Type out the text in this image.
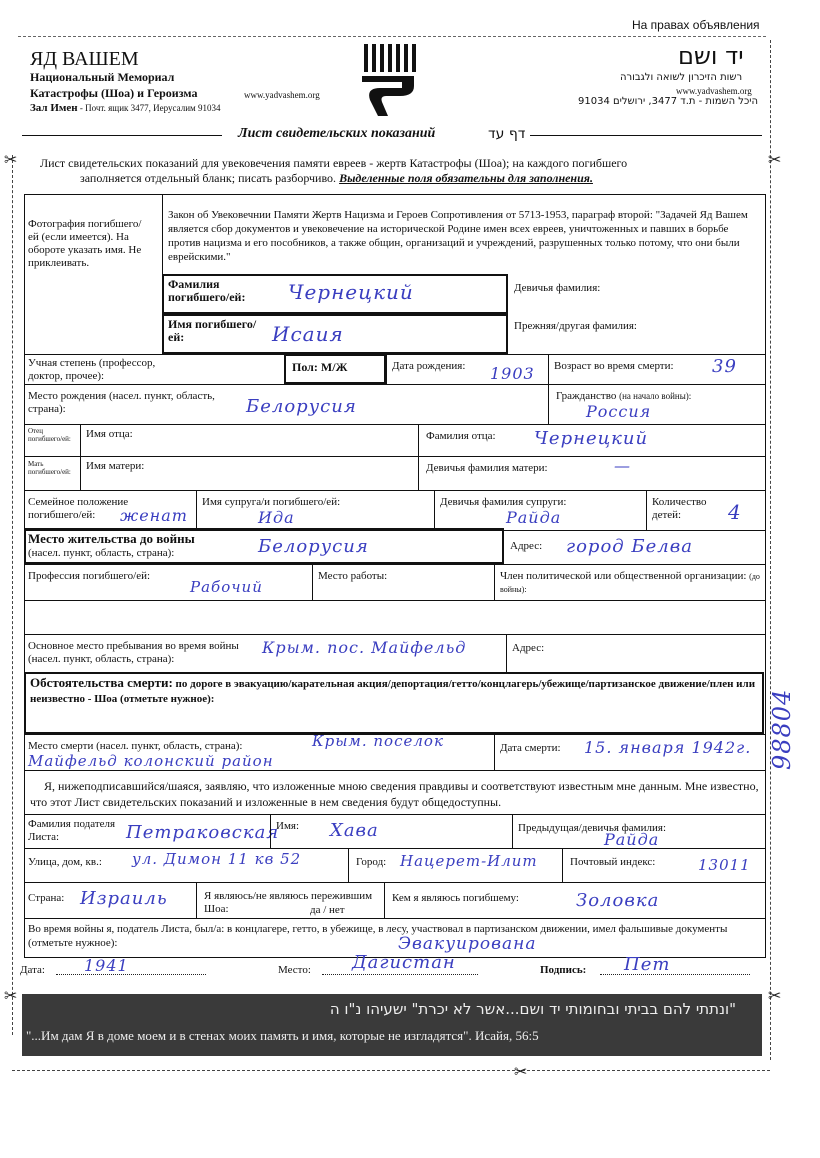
На правах объявления
ЯД ВАШЕМ
Национальный Мемориал
Катастрофы (Шоа) и Героизма
Зал Имен - Почт. ящик 3477, Иерусалим 91034
www.yadvashem.org
יד ושם
רשות הזיכרון לשואה ולגבורה
www.yadvashem.org
היכל השמות - ת.ד 3477, ירושלים 91034
Лист свидетельских показаний	דף עד
Лист свидетельских показаний для увековечения памяти евреев - жертв Катастрофы (Шоа); на каждого погибшего
заполняется отдельный бланк; писать разборчиво. Выделенные поля обязательны для заполнения.
✂	✂
✂	✂
✂
Фотография погибшего/ей (если имеется). На обороте указать имя. Не приклеивать.
Закон об Увековечнии Памяти Жертв Нацизма и Героев Сопротивления от 5713-1953, параграф второй: "Задачей Яд Вашем является сбор документов и увековечение на исторической Родине имен всех евреев, уничтоженных и павших в борьбе против нацизма и его пособников, а также общин, организаций и учреждений, разрушенных только потому, что они были еврейскими."
Фамилия погибшего/ей:	Чернецкий	Девичья фамилия:
Имя погибшего/ей:	Исаия	Прежняя/другая фамилия:
Учная степень (профессор, доктор, прочее):
Пол: М/Ж	Дата рождения: 1903 Возраст во время смерти: 39
Место рождения (насел. пункт, область, страна):	Белорусия	Гражданство (на начало войны):
Россия
Отец погибшего/ей:	Имя отца:	Фамилия отца: Чернецкий
Мать погибшего/ей:	Имя матери:	Девичья фамилия матери:	—
Семейное положение погибшего/ей:	женат
Имя супруга/и погибшего/ей:
Ида
Девичья фамилия супруги:
Райда
Количество детей:	4
Место жительства до войны
(насел. пункт, область, страна):	Белорусия	Адрес: город Белва
Профессия погибшего/ей:
Рабочий
Место работы:	Член политической или общественной организации: (до войны):
Основное место пребывания во время войны (насел. пункт, область, страна):
Крым. пос. Майфельд	Адрес:
Обстоятельства смерти: по дороге в эвакуацию/карательная акция/депортация/гетто/концлагерь/убежище/партизанское движение/плен или неизвестно - Шоа (отметьте нужное):
Место смерти (насел. пункт, область, страна):	Крым. поселок
Майфельд колонский район
Дата смерти: 15. января 1942г.
Я, нижеподписавшийся/шаяся, заявляю, что изложенные мною сведения правдивы и соответствуют известным мне данным. Мне известно, что этот Лист свидетельских показаний и изложенные в нем сведения будут общедоступны.
Фамилия подателя Листа:	Петраковская
Имя: Хава	Предыдущая/девичья фамилия:
Райда
Улица, дом, кв.: ул. Димон 11 кв 52	Город: Нацерет-Илит	Почтовый индекс:	13011
Страна: Израиль	Я являюсь/не являюсь пережившим Шоа:	да / нет
Кем я являюсь погибшему:	Золовка
Во время войны я, податель Листа, был/а: в концлагере, гетто, в убежище, в лесу, участвовал в партизанском движении, имел фальшивые документы (отметьте нужное):	Эвакуирована
Дата: 1941	Место: Дагистан	Подпись: Пет
"ונתתי להם בביתי ובחומותי יד ושם...אשר לא יכרת" ישעיהו נ"ו ה
"...Им дам Я в доме моем и в стенах моих память и имя, которые не изгладятся". Исайя, 56:5
98804
